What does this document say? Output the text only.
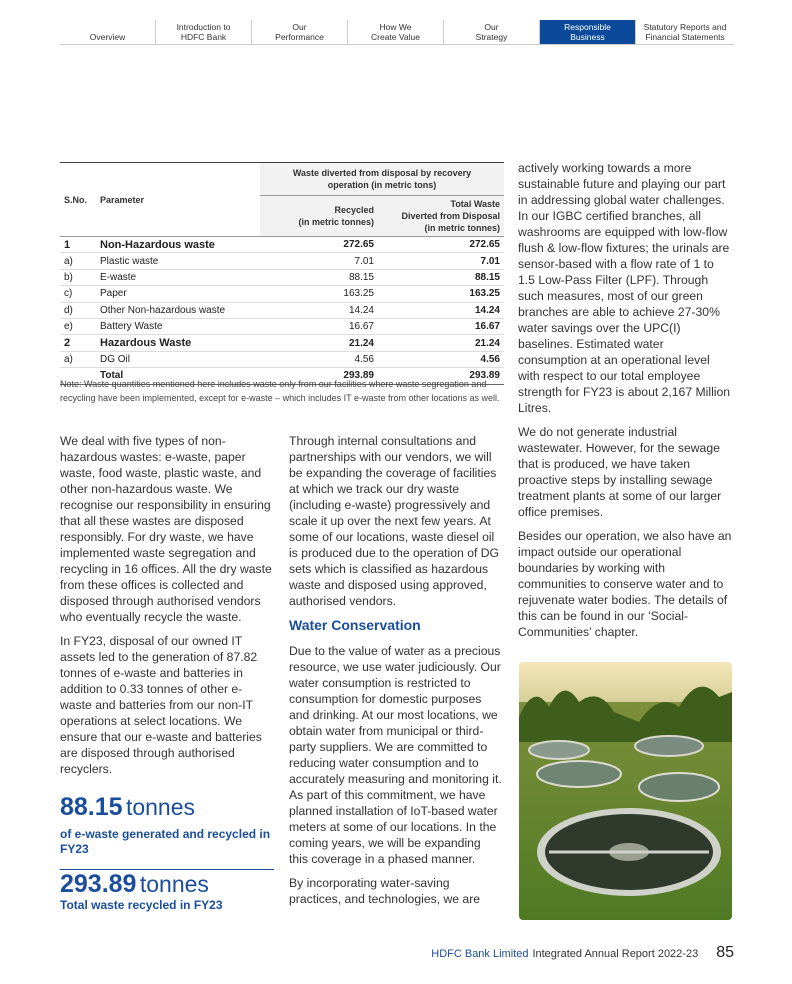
Overview
Introduction to
HDFC Bank
Our
Performance
How We
Create Value
Our
Strategy
Responsible
Business
Statutory Reports and
Financial Statements
S.No.	Parameter	Waste diverted from disposal by recovery operation (in metric tons)	
		Recycled
(in metric tonnes)	Total Waste
Diverted from Disposal
(in metric tonnes)
1	Non-Hazardous waste	272.65	272.65
a)	Plastic waste	7.01	7.01
b)	E-waste	88.15	88.15
c)	Paper	163.25	163.25
d)	Other Non-hazardous waste	14.24	14.24
e)	Battery Waste	16.67	16.67
2	Hazardous Waste	21.24	21.24
a)	DG Oil	4.56	4.56
	Total	293.89	293.89
Note: Waste quantities mentioned here includes waste only from our facilities where waste segregation and recycling have been implemented, except for e-waste – which includes IT e-waste from other locations as well.

We deal with five types of non-hazardous wastes: e-waste, paper waste, food waste, plastic waste, and other non-hazardous waste. We recognise our responsibility in ensuring that all these wastes are disposed responsibly. For dry waste, we have implemented waste segregation and recycling in 16 offices. All the dry waste from these offices is collected and disposed through authorised vendors who eventually recycle the waste.

In FY23, disposal of our owned IT assets led to the generation of 87.82 tonnes of e-waste and batteries in addition to 0.33 tonnes of other e-waste and batteries from our non-IT operations at select locations. We ensure that our e-waste and batteries are disposed through authorised recyclers.

88.15 tonnes
of e-waste generated and recycled in FY23
293.89 tonnes
Total waste recycled in FY23

Through internal consultations and partnerships with our vendors, we will be expanding the coverage of facilities at which we track our dry waste (including e-waste) progressively and scale it up over the next few years. At some of our locations, waste diesel oil is produced due to the operation of DG sets which is classified as hazardous waste and disposed using approved, authorised vendors.

Water Conservation

Due to the value of water as a precious resource, we use water judiciously. Our water consumption is restricted to consumption for domestic purposes and drinking. At our most locations, we obtain water from municipal or third-party suppliers. We are committed to reducing water consumption and to accurately measuring and monitoring it. As part of this commitment, we have planned installation of IoT-based water meters at some of our locations. In the coming years, we will be expanding this coverage in a phased manner.

By incorporating water-saving practices, and technologies, we are

actively working towards a more sustainable future and playing our part in addressing global water challenges. In our IGBC certified branches, all washrooms are equipped with low-flow flush & low-flow fixtures; the urinals are sensor-based with a flow rate of 1 to 1.5 Low-Pass Filter (LPF). Through such measures, most of our green branches are able to achieve 27-30% water savings over the UPC(I) baselines. Estimated water consumption at an operational level with respect to our total employee strength for FY23 is about 2,167 Million Litres.

We do not generate industrial wastewater. However, for the sewage that is produced, we have taken proactive steps by installing sewage treatment plants at some of our larger office premises.

Besides our operation, we also have an impact outside our operational boundaries by working with communities to conserve water and to rejuvenate water bodies. The details of this can be found in our ‘Social-Communities’ chapter.

HDFC Bank Limited Integrated Annual Report 2022-23 85
